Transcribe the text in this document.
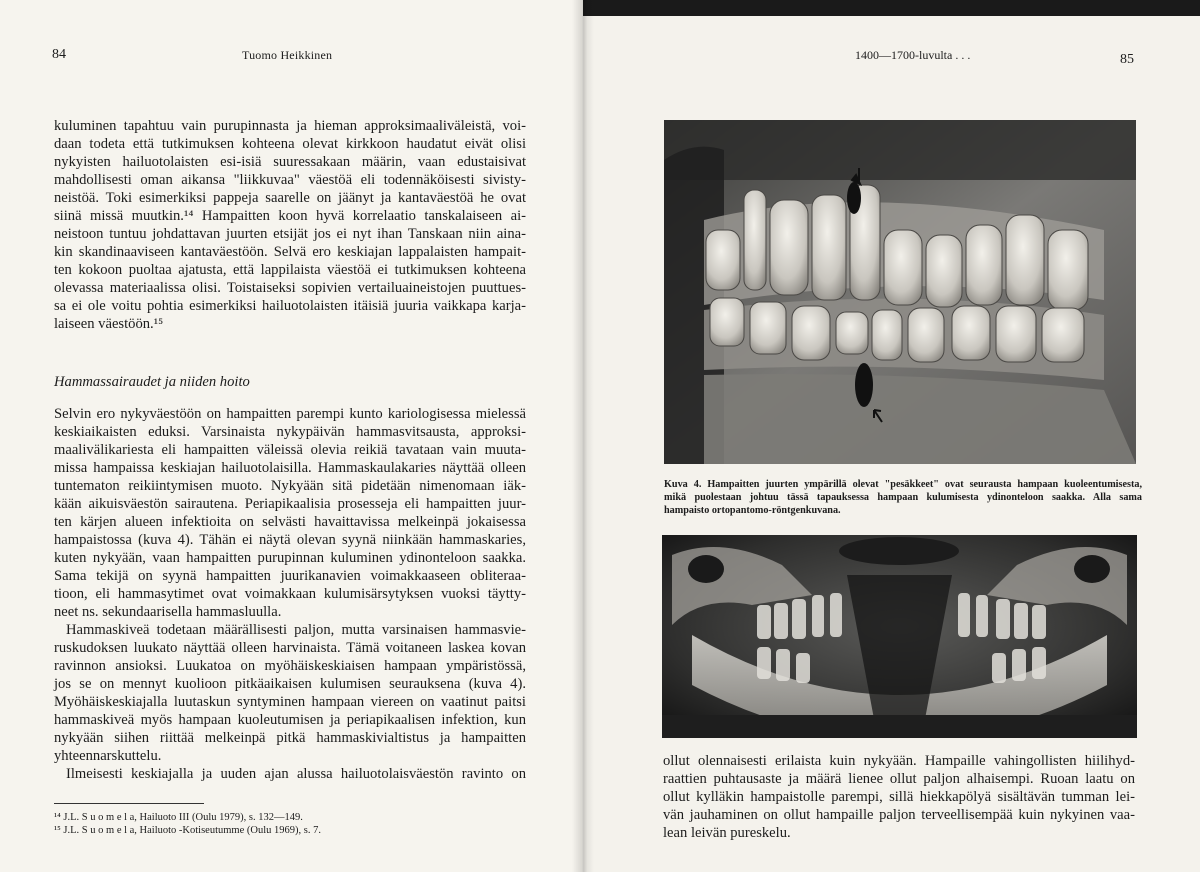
84	Tuomo Heikkinen
kuluminen tapahtuu vain purupinnasta ja hieman approksimaaliväleistä, voi-
daan todeta että tutkimuksen kohteena olevat kirkkoon haudatut eivät olisi
nykyisten hailuotolaisten esi-isiä suuressakaan määrin, vaan edustaisivat
mahdollisesti oman aikansa "liikkuvaa" väestöä eli todennäköisesti sivisty-
neistöä. Toki esimerkiksi pappeja saarelle on jäänyt ja kantaväestöä he ovat
siinä missä muutkin.¹⁴ Hampaitten koon hyvä korrelaatio tanskalaiseen ai-
neistoon tuntuu johdattavan juurten etsijät jos ei nyt ihan Tanskaan niin aina-
kin skandinaaviseen kantaväestöön. Selvä ero keskiajan lappalaisten hampait-
ten kokoon puoltaa ajatusta, että lappilaista väestöä ei tutkimuksen kohteena
olevassa materiaalissa olisi. Toistaiseksi sopivien vertailuaineistojen puuttues-
sa ei ole voitu pohtia esimerkiksi hailuotolaisten itäisiä juuria vaikkapa karja-
laiseen väestöön.¹⁵
Hammassairaudet ja niiden hoito
Selvin ero nykyväestöön on hampaitten parempi kunto kariologisessa mielessä
keskiaikaisten eduksi. Varsinaista nykypäivän hammasvitsausta, approksi-
maalivälikariesta eli hampaitten väleissä olevia reikiä tavataan vain muuta-
missa hampaissa keskiajan hailuotolaisilla. Hammaskaulakaries näyttää olleen
tuntematon reikiintymisen muoto. Nykyään sitä pidetään nimenomaan iäk-
kään aikuisväestön sairautena. Periapikaalisia prosesseja eli hampaitten juur-
ten kärjen alueen infektioita on selvästi havaittavissa melkeinpä jokaisessa
hampaistossa (kuva 4). Tähän ei näytä olevan syynä niinkään hammaskaries,
kuten nykyään, vaan hampaitten purupinnan kuluminen ydinonteloon saakka.
Sama tekijä on syynä hampaitten juurikanavien voimakkaaseen obliteraa-
tioon, eli hammasytimet ovat voimakkaan kulumisärsytyksen vuoksi täytty-
neet ns. sekundaarisella hammasluulla.
Hammaskiveä todetaan määrällisesti paljon, mutta varsinaisen hammasvie-
ruskudoksen luukato näyttää olleen harvinaista. Tämä voitaneen laskea kovan
ravinnon ansioksi. Luukatoa on myöhäiskeskiaisen hampaan ympäristössä,
jos se on mennyt kuolioon pitkäaikaisen kulumisen seurauksena (kuva 4).
Myöhäiskeskiajalla luutaskun syntyminen hampaan viereen on vaatinut paitsi
hammaskiveä myös hampaan kuoleutumisen ja periapikaalisen infektion, kun
nykyään siihen riittää melkeinpä pitkä hammaskivialtistus ja hampaitten
yhteennarskuttelu.
Ilmeisesti keskiajalla ja uuden ajan alussa hailuotolaisväestön ravinto on
¹⁴ J.L. S u o m e l a, Hailuoto III (Oulu 1979), s. 132—149.
¹⁵ J.L. S u o m e l a, Hailuoto -Kotiseutumme (Oulu 1969), s. 7.
1400—1700-luvulta . . .	85
Kuva 4. Hampaitten juurten ympärillä olevat "pesäkkeet" ovat seurausta hampaan kuoleentumisesta,
mikä puolestaan johtuu tässä tapauksessa hampaan kulumisesta ydinonteloon saakka. Alla sama
hampaisto ortopantomo-röntgenkuvana.
ollut olennaisesti erilaista kuin nykyään. Hampaille vahingollisten hiilihyd-
raattien puhtausaste ja määrä lienee ollut paljon alhaisempi. Ruoan laatu on
ollut kylläkin hampaistolle parempi, sillä hiekkapölyä sisältävän tumman lei-
vän jauhaminen on ollut hampaille paljon terveellisempää kuin nykyinen vaa-
lean leivän pureskelu.
